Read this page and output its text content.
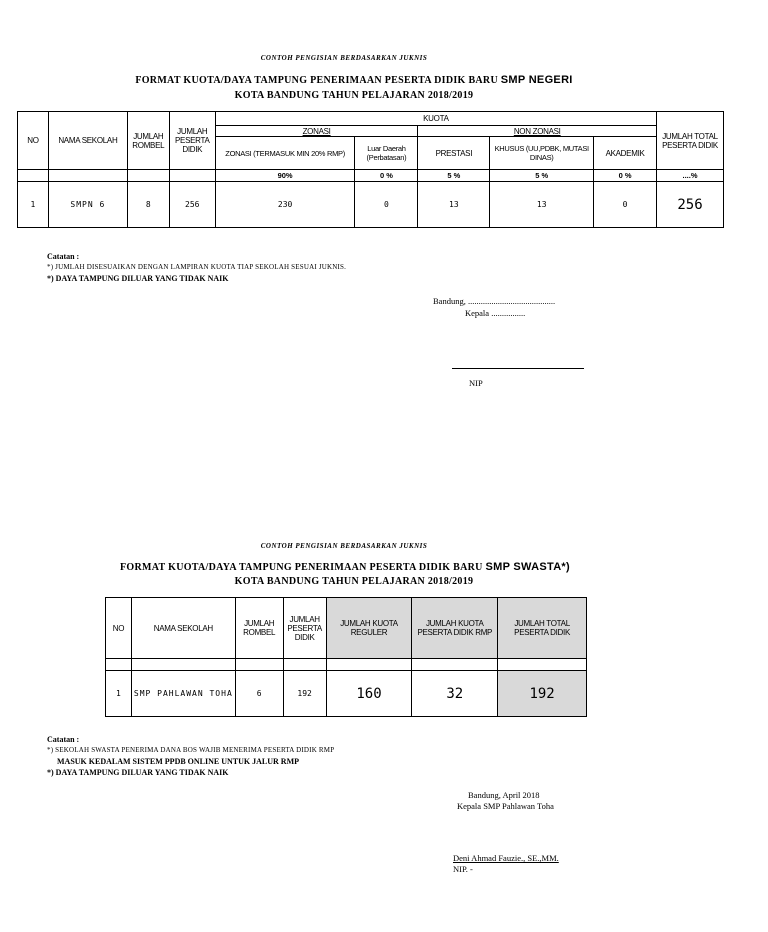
CONTOH PENGISIAN BERDASARKAN JUKNIS
FORMAT KUOTA/DAYA TAMPUNG PENERIMAAN PESERTA DIDIK BARU SMP NEGERI
KOTA BANDUNG TAHUN PELAJARAN 2018/2019
NO	NAMA SEKOLAH	JUMLAH ROMBEL	JUMLAH PESERTA DIDIK	KUOTA					JUMLAH TOTAL PESERTA DIDIK
				ZONASI		NON ZONASI			
				ZONASI (TERMASUK MIN 20% RMP)	Luar Daerah (Perbatasan)	PRESTASI	KHUSUS (UU,PDBK, MUTASI DINAS)	AKADEMIK	
				90%	0 %	5 %	5 %	0 %	....%
1	SMPN 6	8	256	230	0	13	13	0	256
Catatan :
*) JUMLAH DISESUAIKAN DENGAN LAMPIRAN KUOTA TIAP SEKOLAH SESUAI JUKNIS.
*) DAYA TAMPUNG DILUAR YANG TIDAK NAIK
Bandung, .........................................
Kepala ................
NIP
CONTOH PENGISIAN BERDASARKAN JUKNIS
FORMAT KUOTA/DAYA TAMPUNG PENERIMAAN PESERTA DIDIK BARU SMP SWASTA*)
KOTA BANDUNG TAHUN PELAJARAN 2018/2019
NO	NAMA SEKOLAH	JUMLAH ROMBEL	JUMLAH PESERTA DIDIK	JUMLAH KUOTA REGULER	JUMLAH KUOTA PESERTA DIDIK RMP	JUMLAH TOTAL PESERTA DIDIK

1	SMP PAHLAWAN TOHA	6	192	160	32	192
Catatan :
*) SEKOLAH SWASTA PENERIMA DANA BOS WAJIB MENERIMA PESERTA DIDIK RMP
MASUK KEDALAM SISTEM PPDB ONLINE UNTUK JALUR RMP
*) DAYA TAMPUNG DILUAR YANG TIDAK NAIK
Bandung, April 2018
Kepala SMP Pahlawan Toha
Deni Ahmad Fauzie., SE.,MM.
NIP. -
